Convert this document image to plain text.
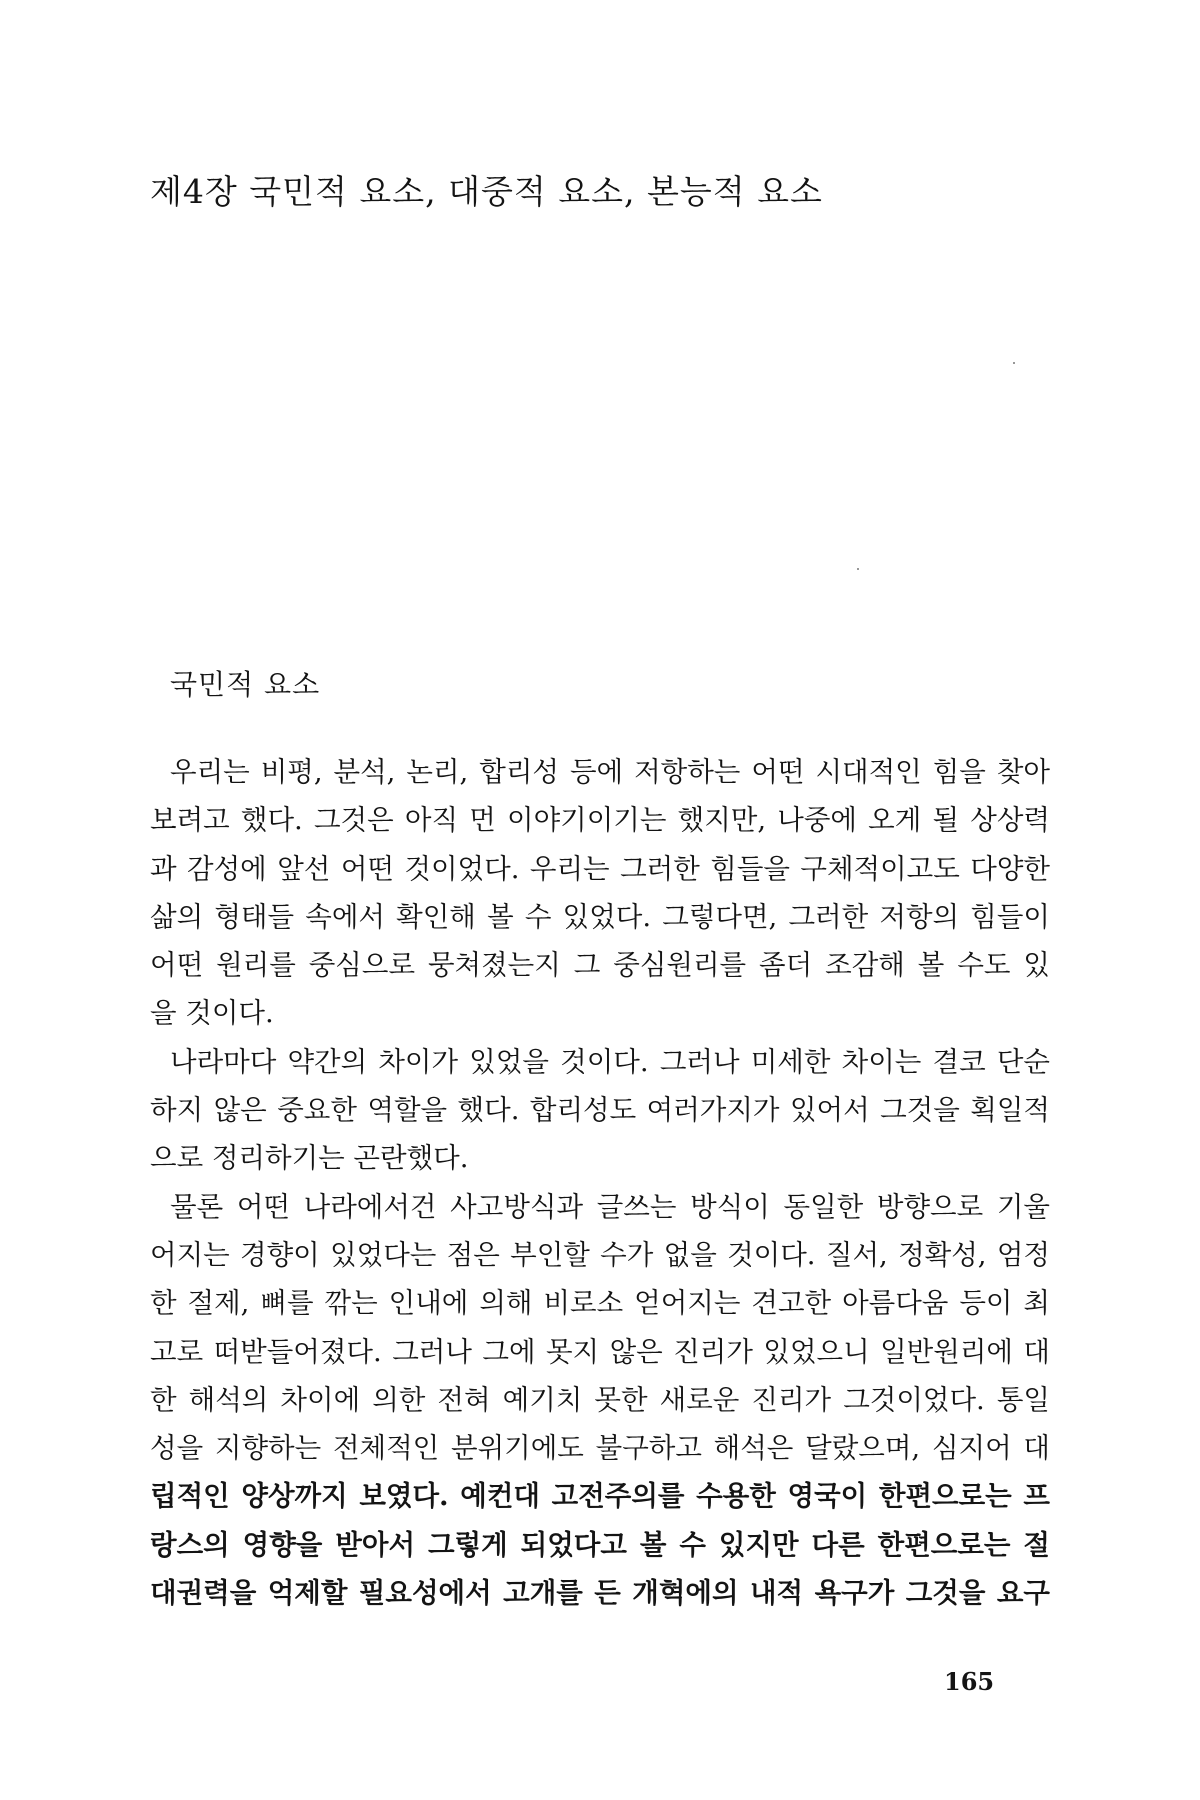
제4장 국민적 요소, 대중적 요소, 본능적 요소
국민적 요소
우리는 비평, 분석, 논리, 합리성 등에 저항하는 어떤 시대적인 힘을 찾아
보려고 했다. 그것은 아직 먼 이야기이기는 했지만, 나중에 오게 될 상상력
과 감성에 앞선 어떤 것이었다. 우리는 그러한 힘들을 구체적이고도 다양한
삶의 형태들 속에서 확인해 볼 수 있었다. 그렇다면, 그러한 저항의 힘들이
어떤 원리를 중심으로 뭉쳐졌는지 그 중심원리를 좀더 조감해 볼 수도 있
을 것이다.
나라마다 약간의 차이가 있었을 것이다. 그러나 미세한 차이는 결코 단순
하지 않은 중요한 역할을 했다. 합리성도 여러가지가 있어서 그것을 획일적
으로 정리하기는 곤란했다.
물론 어떤 나라에서건 사고방식과 글쓰는 방식이 동일한 방향으로 기울
어지는 경향이 있었다는 점은 부인할 수가 없을 것이다. 질서, 정확성, 엄정
한 절제, 뼈를 깎는 인내에 의해 비로소 얻어지는 견고한 아름다움 등이 최
고로 떠받들어졌다. 그러나 그에 못지 않은 진리가 있었으니 일반원리에 대
한 해석의 차이에 의한 전혀 예기치 못한 새로운 진리가 그것이었다. 통일
성을 지향하는 전체적인 분위기에도 불구하고 해석은 달랐으며, 심지어 대
립적인 양상까지 보였다. 예컨대 고전주의를 수용한 영국이 한편으로는 프
랑스의 영향을 받아서 그렇게 되었다고 볼 수 있지만 다른 한편으로는 절
대권력을 억제할 필요성에서 고개를 든 개혁에의 내적 욕구가 그것을 요구
165
